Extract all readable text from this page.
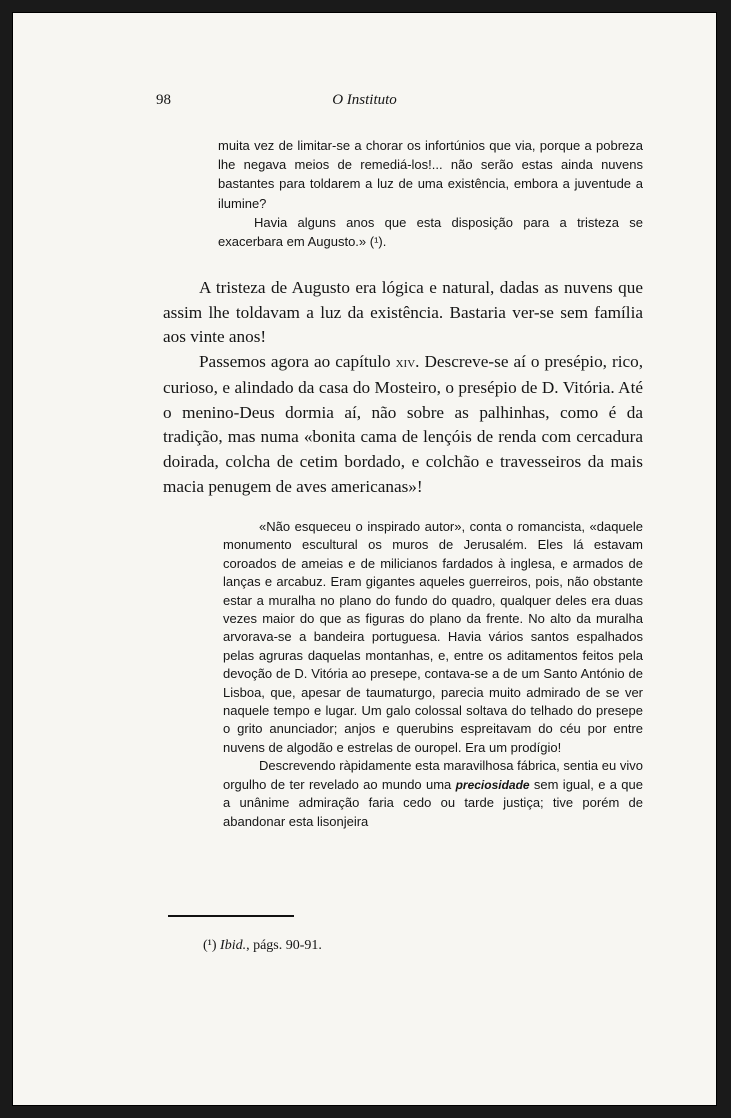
98	O Instituto

muita vez de limitar-se a chorar os infortúnios que via, porque a pobreza lhe negava meios de remediá-los!... não serão estas ainda nuvens bastantes para toldarem a luz de uma existência, embora a juventude a ilumine?

Havia alguns anos que esta disposição para a tristeza se exacerbara em Augusto.» (¹).

A tristeza de Augusto era lógica e natural, dadas as nuvens que assim lhe toldavam a luz da existência. Bastaria ver-se sem família aos vinte anos!

Passemos agora ao capítulo xiv. Descreve-se aí o presépio, rico, curioso, e alindado da casa do Mosteiro, o presépio de D. Vitória. Até o menino-Deus dormia aí, não sobre as palhinhas, como é da tradição, mas numa «bonita cama de lençóis de renda com cercadura doirada, colcha de cetim bordado, e colchão e travesseiros da mais macia penugem de aves americanas»!

«Não esqueceu o inspirado autor», conta o romancista, «daquele monumento escultural os muros de Jerusalém. Eles lá estavam coroados de ameias e de milicianos fardados à inglesa, e armados de lanças e arcabuz. Eram gigantes aqueles guerreiros, pois, não obstante estar a muralha no plano do fundo do quadro, qualquer deles era duas vezes maior do que as figuras do plano da frente. No alto da muralha arvorava-se a bandeira portuguesa. Havia vários santos espalhados pelas agruras daquelas montanhas, e, entre os aditamentos feitos pela devoção de D. Vitória ao presepe, contava-se a de um Santo António de Lisboa, que, apesar de taumaturgo, parecia muito admirado de se ver naquele tempo e lugar. Um galo colossal soltava do telhado do presepe o grito anunciador; anjos e querubins espreitavam do céu por entre nuvens de algodão e estrelas de ouropel. Era um prodígio!

Descrevendo ràpidamente esta maravilhosa fábrica, sentia eu vivo orgulho de ter revelado ao mundo uma preciosidade sem igual, e a que a unânime admiração faria cedo ou tarde justiça; tive porém de abandonar esta lisonjeira

(¹) Ibid., págs. 90-91.
